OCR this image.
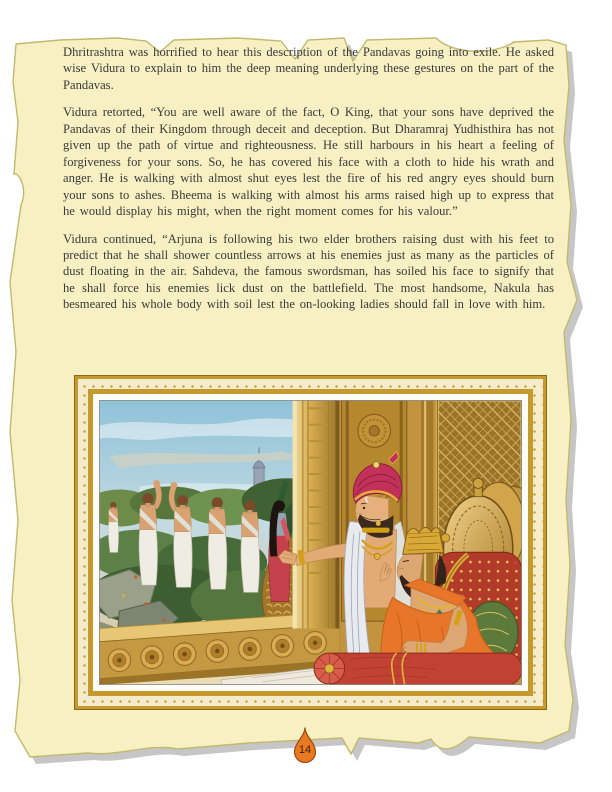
Dhritrashtra was horrified to hear this description of the Pandavas going into exile. He asked wise Vidura to explain to him the deep meaning underlying these gestures on the part of the Pandavas.

Vidura retorted, “You are well aware of the fact, O King, that your sons have deprived the Pandavas of their Kingdom through deceit and deception. But Dharamraj Yudhisthira has not given up the path of virtue and righteousness. He still harbours in his heart a feeling of forgiveness for your sons. So, he has covered his face with a cloth to hide his wrath and anger. He is walking with almost shut eyes lest the fire of his red angry eyes should burn your sons to ashes. Bheema is walking with almost his arms raised high up to express that he would display his might, when the right moment comes for his valour.”

Vidura continued, “Arjuna is following his two elder brothers raising dust with his feet to predict that he shall shower countless arrows at his enemies just as many as the particles of dust floating in the air. Sahdeva, the famous swordsman, has soiled his face to signify that he shall force his enemies lick dust on the battlefield. The most handsome, Nakula has besmeared his whole body with soil lest the on-looking ladies should fall in love with him.

14
